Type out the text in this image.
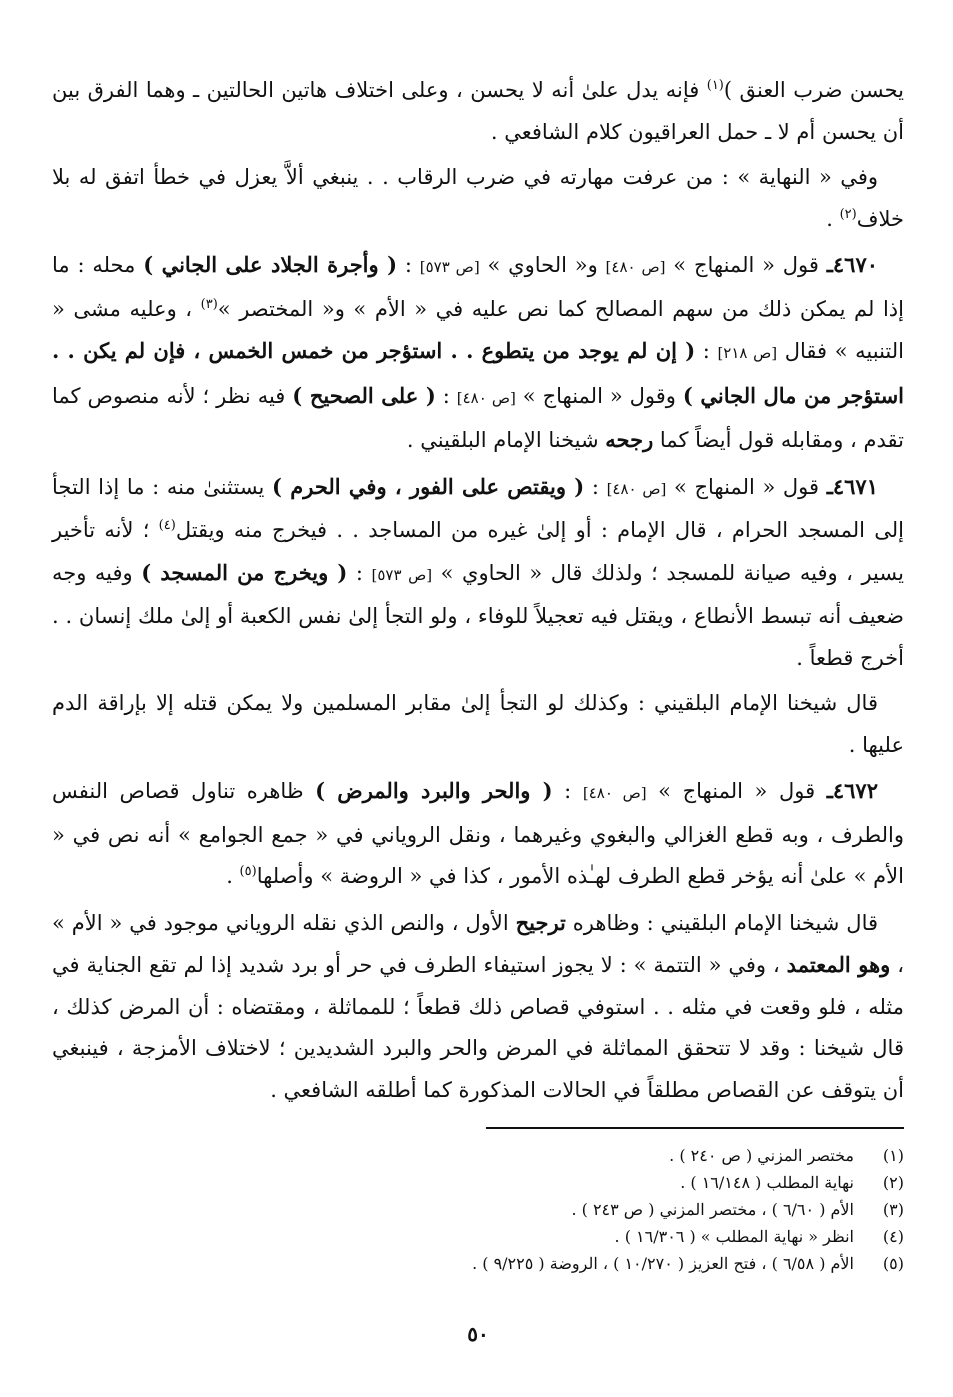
يحسن ضرب العنق )$^{(١)}$ فإنه يدل علىٰ أنه لا يحسن ، وعلى اختلاف هاتين الحالتين ـ وهما الفرق بين أن يحسن أم لا ـ حمل العراقيون كلام الشافعي .

وفي « النهاية » : من عرفت مهارته في ضرب الرقاب . . ينبغي ألاَّ يعزل في خطأ اتفق له بلا خلاف$^{(٢)}$ .

٤٦٧٠ـ قول « المنهاج » [ص ٤٨٠] و« الحاوي » [ص ٥٧٣] : ( وأجرة الجلاد على الجاني ) محله : ما إذا لم يمكن ذلك من سهم المصالح كما نص عليه في « الأم » و« المختصر »$^{(٣)}$ ، وعليه مشى « التنبيه » فقال [ص ٢١٨] : ( إن لم يوجد من يتطوع . . استؤجر من خمس الخمس ، فإن لم يكن . . استؤجر من مال الجاني ) وقول « المنهاج » [ص ٤٨٠] : ( على الصحيح ) فيه نظر ؛ لأنه منصوص كما تقدم ، ومقابله قول أيضاً كما رجحه شيخنا الإمام البلقيني .

٤٦٧١ـ قول « المنهاج » [ص ٤٨٠] : ( ويقتص على الفور ، وفي الحرم ) يستثنىٰ منه : ما إذا التجأ إلى المسجد الحرام ، قال الإمام : أو إلىٰ غيره من المساجد . . فيخرج منه ويقتل$^{(٤)}$ ؛ لأنه تأخير يسير ، وفيه صيانة للمسجد ؛ ولذلك قال « الحاوي » [ص ٥٧٣] : ( ويخرج من المسجد ) وفيه وجه ضعيف أنه تبسط الأنطاع ، ويقتل فيه تعجيلاً للوفاء ، ولو التجأ إلىٰ نفس الكعبة أو إلىٰ ملك إنسان . . أخرج قطعاً .

قال شيخنا الإمام البلقيني : وكذلك لو التجأ إلىٰ مقابر المسلمين ولا يمكن قتله إلا بإراقة الدم عليها .

٤٦٧٢ـ قول « المنهاج » [ص ٤٨٠] : ( والحر والبرد والمرض ) ظاهره تناول قصاص النفس والطرف ، وبه قطع الغزالي والبغوي وغيرهما ، ونقل الروياني في « جمع الجوامع » أنه نص في « الأم » علىٰ أنه يؤخر قطع الطرف لهـٰذه الأمور ، كذا في « الروضة » وأصلها$^{(٥)}$ .

قال شيخنا الإمام البلقيني : وظاهره ترجيح الأول ، والنص الذي نقله الروياني موجود في « الأم » ، وهو المعتمد ، وفي « التتمة » : لا يجوز استيفاء الطرف في حر أو برد شديد إذا لم تقع الجناية في مثله ، فلو وقعت في مثله . . استوفي قصاص ذلك قطعاً ؛ للمماثلة ، ومقتضاه : أن المرض كذلك ، قال شيخنا : وقد لا تتحقق المماثلة في المرض والحر والبرد الشديدين ؛ لاختلاف الأمزجة ، فينبغي أن يتوقف عن القصاص مطلقاً في الحالات المذكورة كما أطلقه الشافعي .

(١)
مختصر المزني ( ص ٢٤٠ ) .
(٢)
نهاية المطلب ( ١٦/١٤٨ ) .
(٣)
الأم ( ٦/٦٠ ) ، مختصر المزني ( ص ٢٤٣ ) .
(٤)
انظر « نهاية المطلب » ( ١٦/٣٠٦ ) .
(٥)
الأم ( ٦/٥٨ ) ، فتح العزيز ( ١٠/٢٧٠ ) ، الروضة ( ٩/٢٢٥ ) .
٥٠
